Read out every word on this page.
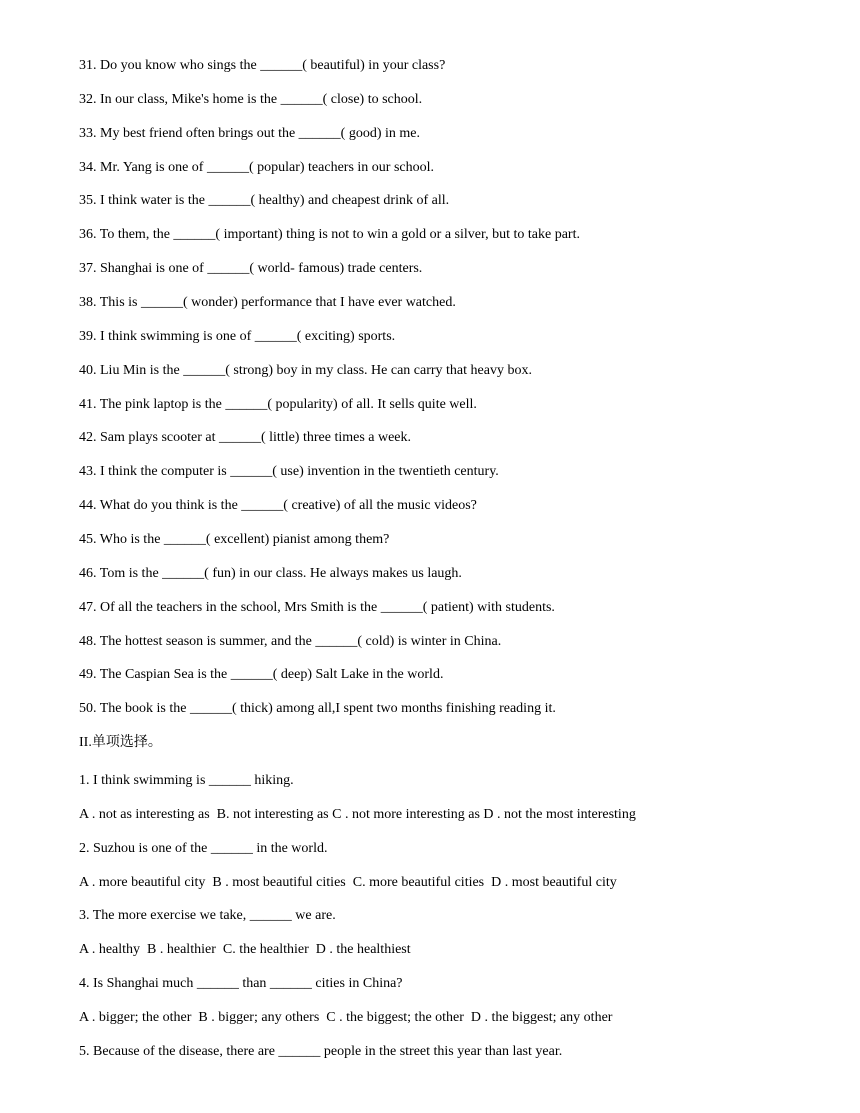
31. Do you know who sings the ______( beautiful) in your class?
32. In our class, Mike's home is the ______( close) to school.
33. My best friend often brings out the ______( good) in me.
34. Mr. Yang is one of ______( popular) teachers in our school.
35. I think water is the ______( healthy) and cheapest drink of all.
36. To them, the ______( important) thing is not to win a gold or a silver, but to take part.
37. Shanghai is one of ______( world- famous) trade centers.
38. This is ______( wonder) performance that I have ever watched.
39. I think swimming is one of ______( exciting) sports.
40. Liu Min is the ______( strong) boy in my class. He can carry that heavy box.
41. The pink laptop is the ______( popularity) of all. It sells quite well.
42. Sam plays scooter at ______( little) three times a week.
43. I think the computer is ______( use) invention in the twentieth century.
44. What do you think is the ______( creative) of all the music videos?
45. Who is the ______( excellent) pianist among them?
46. Tom is the ______( fun) in our class. He always makes us laugh.
47. Of all the teachers in the school, Mrs Smith is the ______( patient) with students.
48. The hottest season is summer, and the ______( cold) is winter in China.
49. The Caspian Sea is the ______( deep) Salt Lake in the world.
50. The book is the ______( thick) among all,I spent two months finishing reading it.
II.单项选择。
1. I think swimming is ______ hiking.
A . not as interesting as  B. not interesting as C . not more interesting as D . not the most interesting
2. Suzhou is one of the ______ in the world.
A . more beautiful city  B . most beautiful cities  C. more beautiful cities  D . most beautiful city
3. The more exercise we take, ______ we are.
A . healthy  B . healthier  C. the healthier  D . the healthiest
4. Is Shanghai much ______ than ______ cities in China?
A . bigger; the other  B . bigger; any others  C . the biggest; the other  D . the biggest; any other
5. Because of the disease, there are ______ people in the street this year than last year.
